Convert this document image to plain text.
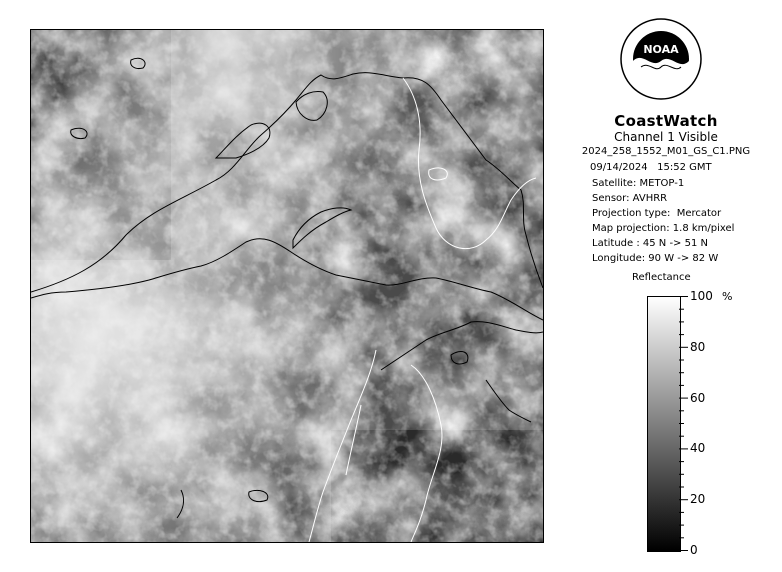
NOAA
CoastWatch
Channel 1 Visible
2024_258_1552_M01_GS_C1.PNG
09/14/2024   15:52 GMT
Satellite: METOP-1
Sensor: AVHRR
Projection type:  Mercator
Map projection: 1.8 km/pixel
Latitude : 45 N -> 51 N
Longitude: 90 W -> 82 W
Reflectance
%
100
80
60
40
20
0
